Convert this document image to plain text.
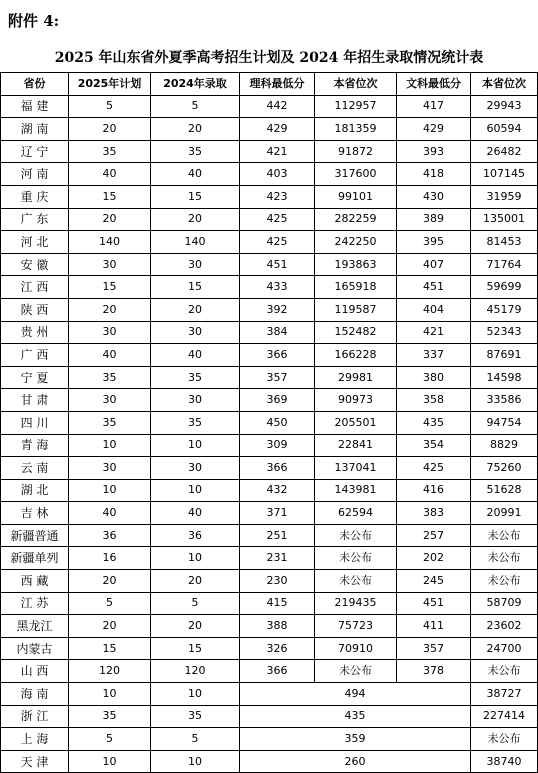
附件 4:
2025 年山东省外夏季高考招生计划及 2024 年招生录取情况统计表
省份	2025年计划	2024年录取	理科最低分	本省位次	文科最低分	本省位次
福 建	5	5	442	112957	417	29943
湖 南	20	20	429	181359	429	60594
辽 宁	35	35	421	91872	393	26482
河 南	40	40	403	317600	418	107145
重 庆	15	15	423	99101	430	31959
广 东	20	20	425	282259	389	135001
河 北	140	140	425	242250	395	81453
安 徽	30	30	451	193863	407	71764
江 西	15	15	433	165918	451	59699
陕 西	20	20	392	119587	404	45179
贵 州	30	30	384	152482	421	52343
广 西	40	40	366	166228	337	87691
宁 夏	35	35	357	29981	380	14598
甘 肃	30	30	369	90973	358	33586
四 川	35	35	450	205501	435	94754
青 海	10	10	309	22841	354	8829
云 南	30	30	366	137041	425	75260
湖 北	10	10	432	143981	416	51628
吉 林	40	40	371	62594	383	20991
新疆普通	36	36	251	未公布	257	未公布
新疆单列	16	10	231	未公布	202	未公布
西 藏	20	20	230	未公布	245	未公布
江 苏	5	5	415	219435	451	58709
黑龙江	20	20	388	75723	411	23602
内蒙古	15	15	326	70910	357	24700
山 西	120	120	366	未公布	378	未公布
海 南	10	10	494			38727
浙 江	35	35	435			227414
上 海	5	5	359			未公布
天 津	10	10	260			38740
